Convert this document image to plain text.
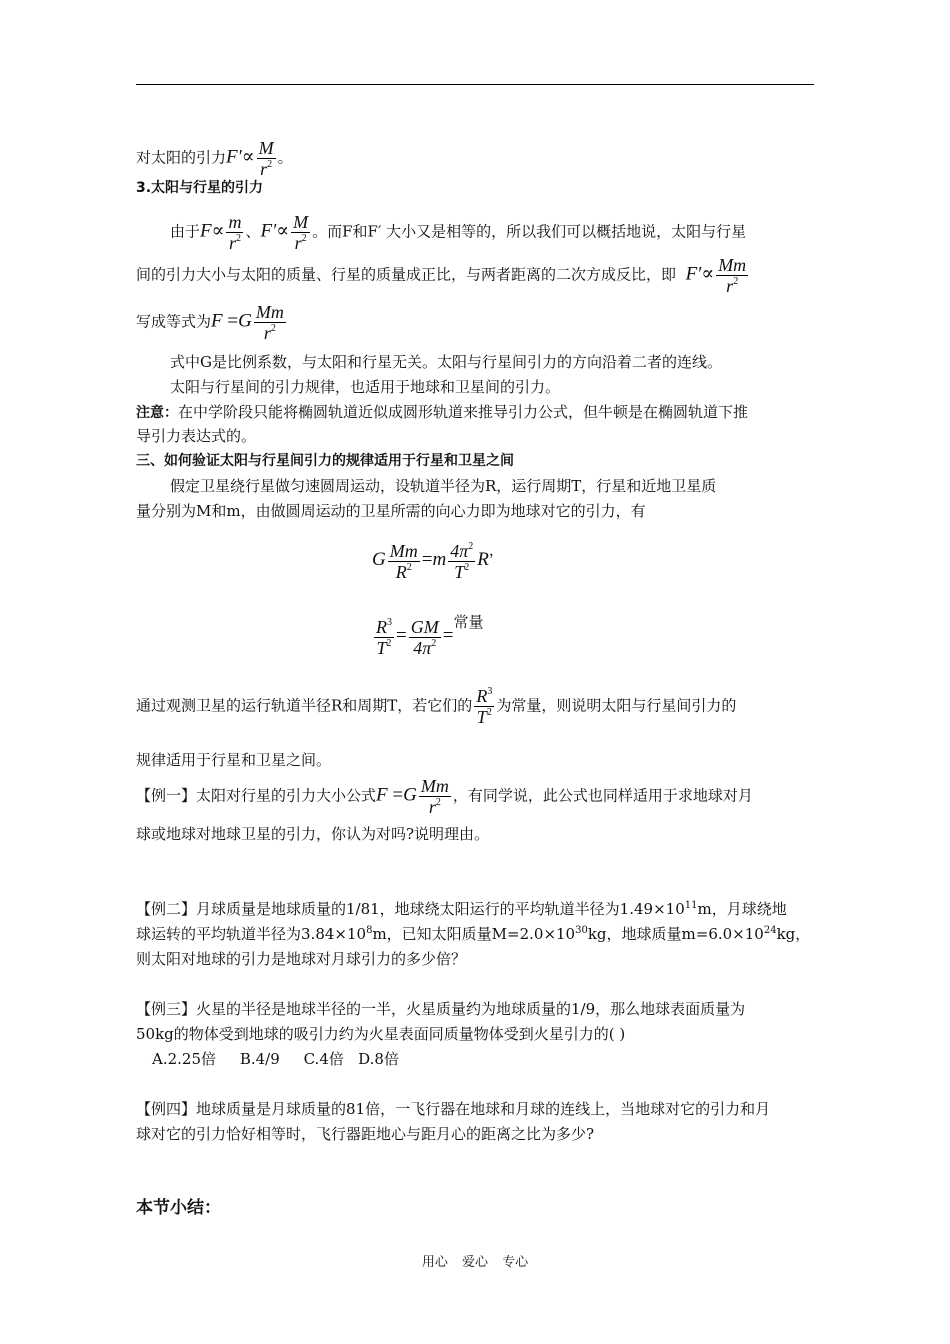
对太阳的引力$F'\propto \frac{M}{r^2}$ 。
3.太阳与行星的引力
由于$F\propto \frac{m}{r^2}$ 、$F'\propto \frac{M}{r^2}$ 。而F和F′ 大小又是相等的，所以我们可以概括地说，太阳与行星
间的引力大小与太阳的质量、行星的质量成正比，与两者距离的二次方成反比，即 $F'\propto \frac{Mm}{r^2}$
写成等式为$F =G \frac{Mm}{r^2}$
式中G是比例系数，与太阳和行星无关。太阳与行星间引力的方向沿着二者的连线。
太阳与行星间的引力规律，也适用于地球和卫星间的引力。
注意：在中学阶段只能将椭圆轨道近似成圆形轨道来推导引力公式，但牛顿是在椭圆轨道下推
导引力表达式的。
三、如何验证太阳与行星间引力的规律适用于行星和卫星之间
假定卫星绕行星做匀速圆周运动，设轨道半径为R，运行周期T，行星和近地卫星质
量分别为M和m，由做圆周运动的卫星所需的向心力即为地球对它的引力，有
G $\frac{Mm}{R^2} =m \frac{4\pi^2}{T^2}$ R，
$\frac{R^3}{T^2} = \frac{GM}{4\pi^2}$ =常量
通过观测卫星的运行轨道半径R和周期T，若它们的 $\frac{R^3}{T^2}$ 为常量，则说明太阳与行星间引力的
规律适用于行星和卫星之间。
【例一】太阳对行星的引力大小公式$F =G \frac{Mm}{r^2}$ ，有同学说，此公式也同样适用于求地球对月
球或地球对地球卫星的引力，你认为对吗?说明理由。
【例二】月球质量是地球质量的1/81，地球绕太阳运行的平均轨道半径为$1.49\times 10^{11}m$，月球绕地
球运转的平均轨道半径为$3.84\times 10^8m$，已知太阳质量$M=2.0\times 10^{30}kg$，地球质量$m=6.0\times 10^{24}kg$，
则太阳对地球的引力是地球对月球引力的多少倍？
【例三】火星的半径是地球半径的一半，火星质量约为地球质量的1/9，那么地球表面质量为
50kg的物体受到地球的吸引力约为火星表面同质量物体受到火星引力的( )
A.2.25倍     B.4/9     C.4倍   D.8倍
【例四】地球质量是月球质量的81倍，一飞行器在地球和月球的连线上，当地球对它的引力和月
球对它的引力恰好相等时，飞行器距地心与距月心的距离之比为多少?
本节小结：
用心 爱心 专心
